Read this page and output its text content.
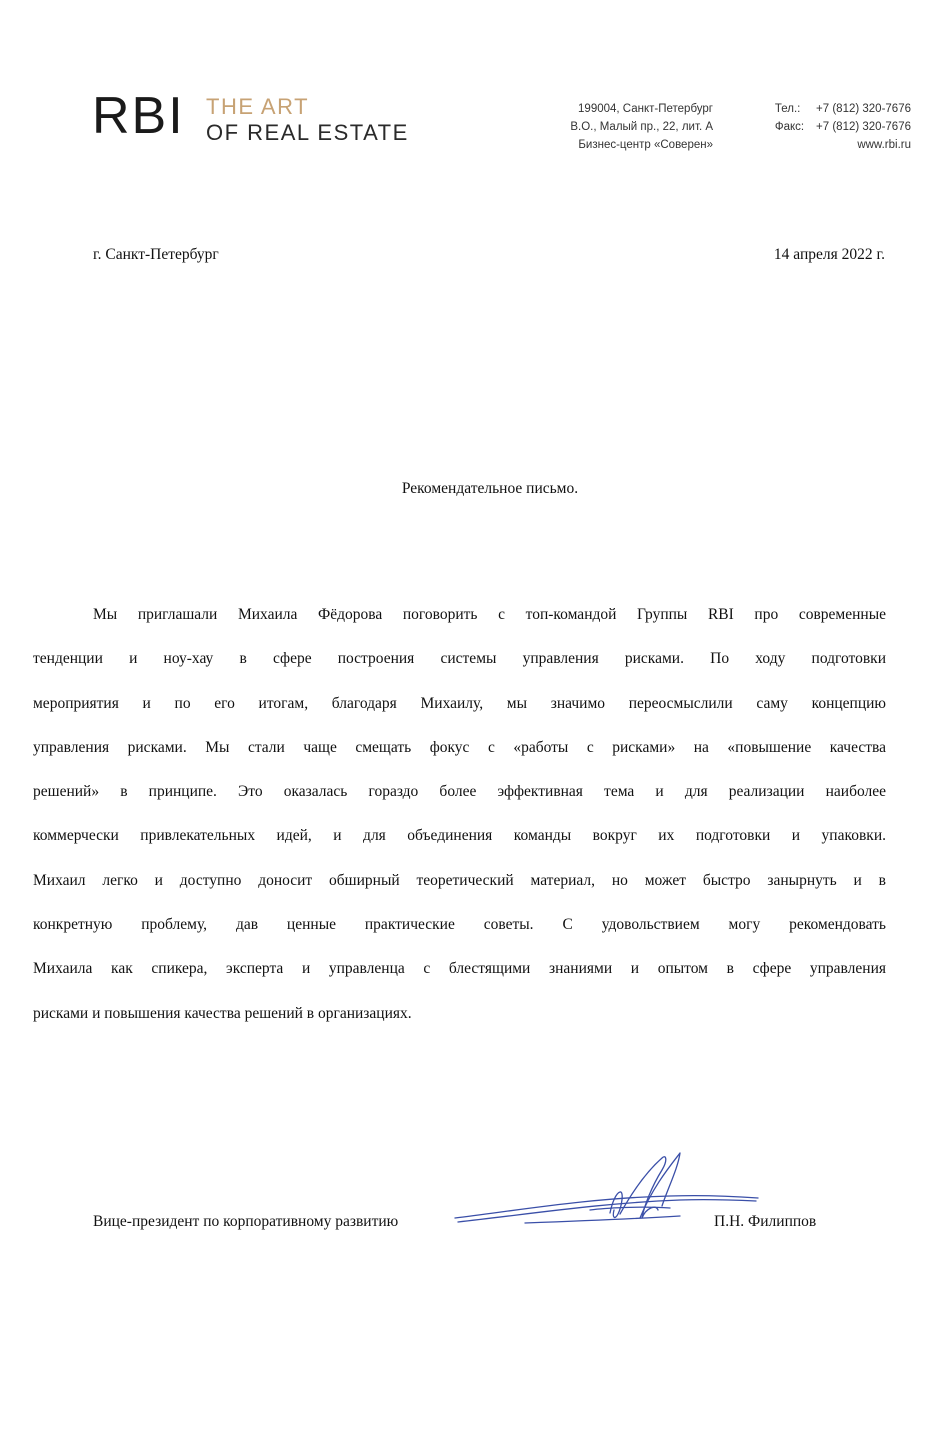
RBI THE ART
OF REAL ESTATE
199004, Санкт-Петербург
В.О., Малый пр., 22, лит. А
Бизнес-центр «Соверен»
Тел.: +7 (812) 320-7676
Факс: +7 (812) 320-7676
www.rbi.ru
г. Санкт-Петербург	14 апреля 2022 г.
Рекомендательное письмо.
Мы приглашали Михаила Фёдорова поговорить с топ-командой Группы RBI про современные
тенденции и ноу-хау в сфере построения системы управления рисками. По ходу подготовки
мероприятия и по его итогам, благодаря Михаилу, мы значимо переосмыслили саму концепцию
управления рисками. Мы стали чаще смещать фокус с «работы с рисками» на «повышение качества
решений» в принципе. Это оказалась гораздо более эффективная тема и для реализации наиболее
коммерчески привлекательных идей, и для объединения команды вокруг их подготовки и упаковки.
Михаил легко и доступно доносит обширный теоретический материал, но может быстро занырнуть и в
конкретную проблему, дав ценные практические советы. С удовольствием могу рекомендовать
Михаила как спикера, эксперта и управленца с блестящими знаниями и опытом в сфере управления
рисками и повышения качества решений в организациях.
Вице-президент по корпоративному развитию	П.Н. Филиппов
